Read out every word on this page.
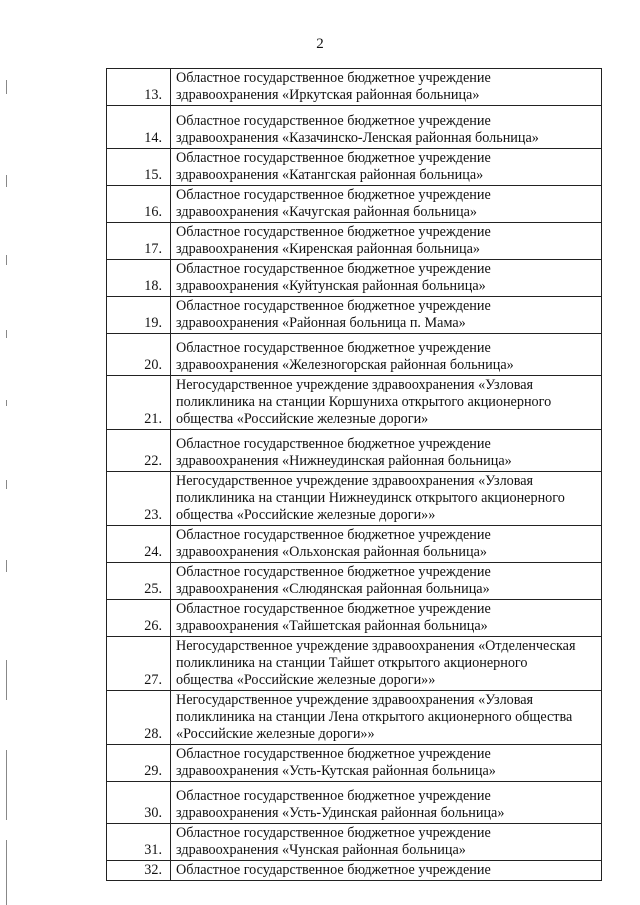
2
13.	Областное государственное бюджетное учреждение
здравоохранения «Иркутская районная больница»

14.	Областное государственное бюджетное учреждение
здравоохранения «Казачинско-Ленская районная больница»

15.	Областное государственное бюджетное учреждение
здравоохранения «Катангская районная больница»

16.	Областное государственное бюджетное учреждение
здравоохранения «Качугская районная больница»

17.	Областное государственное бюджетное учреждение
здравоохранения «Киренская районная больница»

18.	Областное государственное бюджетное учреждение
здравоохранения «Куйтунская районная больница»

19.	Областное государственное бюджетное учреждение
здравоохранения «Районная больница п. Мама»

20.	Областное государственное бюджетное учреждение
здравоохранения «Железногорская районная больница»

21.	Негосударственное учреждение здравоохранения «Узловая
поликлиника на станции Коршуниха открытого акционерного
общества «Российские железные дороги»

22.	Областное государственное бюджетное учреждение
здравоохранения «Нижнеудинская районная больница»

23.	Негосударственное учреждение здравоохранения «Узловая
поликлиника на станции Нижнеудинск открытого акционерного
общества «Российские железные дороги»»

24.	Областное государственное бюджетное учреждение
здравоохранения «Ольхонская районная больница»

25.	Областное государственное бюджетное учреждение
здравоохранения «Слюдянская районная больница»

26.	Областное государственное бюджетное учреждение
здравоохранения «Тайшетская районная больница»

27.	Негосударственное учреждение здравоохранения «Отделенческая
поликлиника на станции Тайшет открытого акционерного
общества «Российские железные дороги»»

28.	Негосударственное учреждение здравоохранения «Узловая
поликлиника на станции Лена открытого акционерного общества
«Российские железные дороги»»

29.	Областное государственное бюджетное учреждение
здравоохранения «Усть-Кутская районная больница»

30.	Областное государственное бюджетное учреждение
здравоохранения «Усть-Удинская районная больница»

31.	Областное государственное бюджетное учреждение
здравоохранения «Чунская районная больница»

32.	Областное государственное бюджетное учреждение
